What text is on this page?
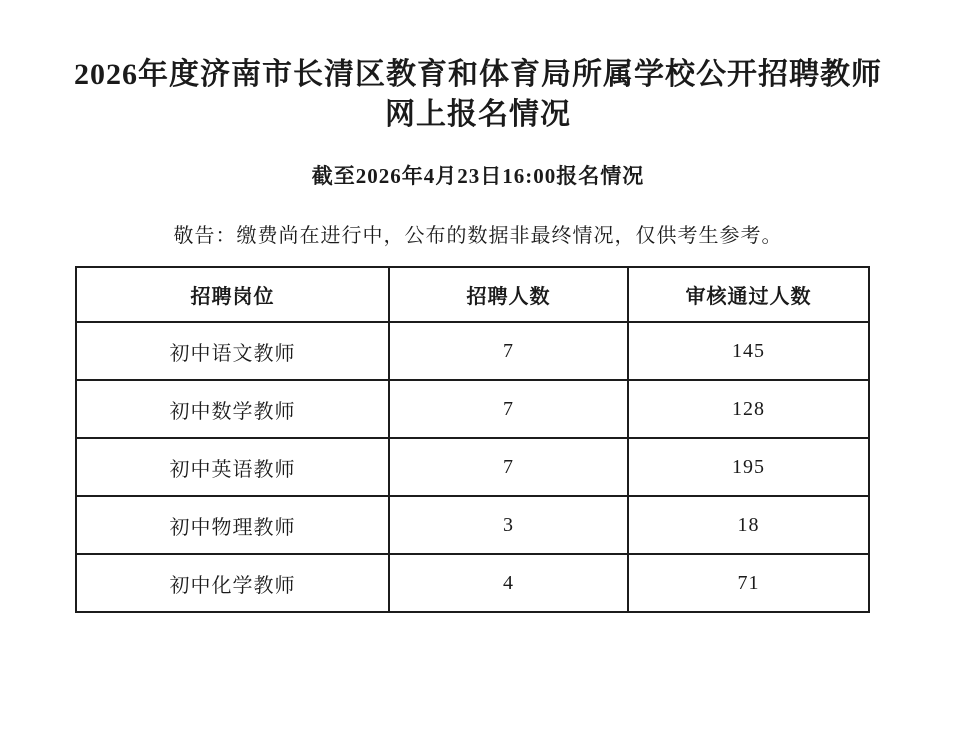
2026年度济南市长清区教育和体育局所属学校公开招聘教师
网上报名情况
截至2026年4月23日16:00报名情况

敬告：缴费尚在进行中，公布的数据非最终情况，仅供考生参考。

招聘岗位	招聘人数	审核通过人数
初中语文教师	7	145
初中数学教师	7	128
初中英语教师	7	195
初中物理教师	3	18
初中化学教师	4	71
